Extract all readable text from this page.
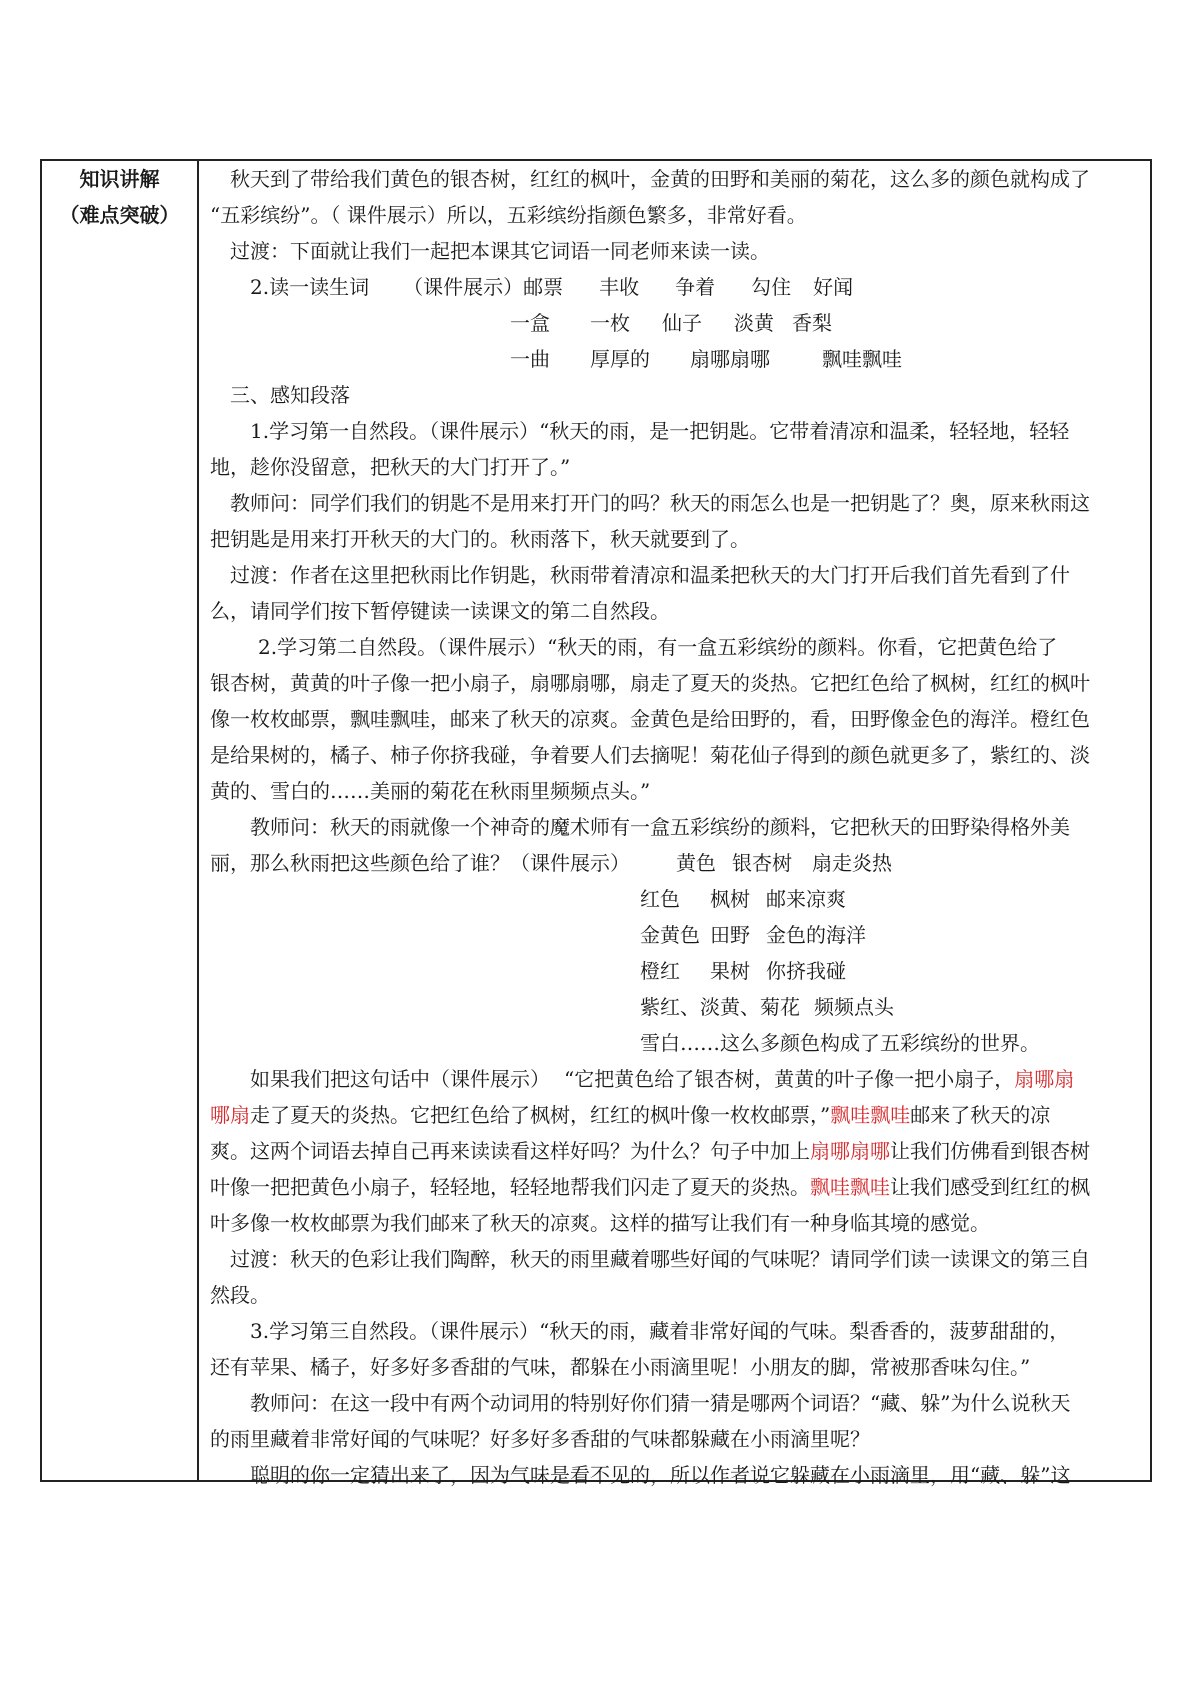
知识讲解
（难点突破）
秋天到了带给我们黄色的银杏树，红红的枫叶，金黄的田野和美丽的菊花，这么多的颜色就构成了
“五彩缤纷”。（ 课件展示）所以，五彩缤纷指颜色繁多，非常好看。
过渡：下面就让我们一起把本课其它词语一同老师来读一读。
2.读一读生词 （课件展示）邮票 丰收 争着 勾住 好闻
一盒 一枚 仙子 淡黄 香梨
一曲 厚厚的 扇哪扇哪	飘哇飘哇
三、感知段落
1.学习第一自然段。（课件展示）“秋天的雨，是一把钥匙。它带着清凉和温柔，轻轻地，轻轻
地，趁你没留意，把秋天的大门打开了。”
教师问：同学们我们的钥匙不是用来打开门的吗？秋天的雨怎么也是一把钥匙了？奥，原来秋雨这
把钥匙是用来打开秋天的大门的。秋雨落下，秋天就要到了。
过渡：作者在这里把秋雨比作钥匙，秋雨带着清凉和温柔把秋天的大门打开后我们首先看到了什
么，请同学们按下暂停键读一读课文的第二自然段。
2.学习第二自然段。（课件展示）“秋天的雨，有一盒五彩缤纷的颜料。你看，它把黄色给了
银杏树，黄黄的叶子像一把小扇子，扇哪扇哪，扇走了夏天的炎热。它把红色给了枫树，红红的枫叶
像一枚枚邮票，飘哇飘哇，邮来了秋天的凉爽。金黄色是给田野的，看，田野像金色的海洋。橙红色
是给果树的，橘子、柿子你挤我碰，争着要人们去摘呢！菊花仙子得到的颜色就更多了，紫红的、淡
黄的、雪白的……美丽的菊花在秋雨里频频点头。”
教师问：秋天的雨就像一个神奇的魔术师有一盒五彩缤纷的颜料，它把秋天的田野染得格外美
丽，那么秋雨把这些颜色给了谁？（课件展示） 黄色 银杏树 扇走炎热
红色 枫树 邮来凉爽
金黄色 田野 金色的海洋
橙红 果树 你挤我碰
紫红、淡黄、菊花 频频点头
雪白……这么多颜色构成了五彩缤纷的世界。
如果我们把这句话中（课件展示） “它把黄色给了银杏树，黄黄的叶子像一把小扇子，扇哪扇
哪扇走了夏天的炎热。它把红色给了枫树，红红的枫叶像一枚枚邮票，”飘哇飘哇邮来了秋天的凉
爽。这两个词语去掉自己再来读读看这样好吗？为什么？句子中加上扇哪扇哪让我们仿佛看到银杏树
叶像一把把黄色小扇子，轻轻地，轻轻地帮我们闪走了夏天的炎热。飘哇飘哇让我们感受到红红的枫
叶多像一枚枚邮票为我们邮来了秋天的凉爽。这样的描写让我们有一种身临其境的感觉。
过渡：秋天的色彩让我们陶醉，秋天的雨里藏着哪些好闻的气味呢？请同学们读一读课文的第三自
然段。
3.学习第三自然段。（课件展示）“秋天的雨，藏着非常好闻的气味。梨香香的，菠萝甜甜的，
还有苹果、橘子，好多好多香甜的气味，都躲在小雨滴里呢！小朋友的脚，常被那香味勾住。”
教师问：在这一段中有两个动词用的特别好你们猜一猜是哪两个词语？“藏、躲”为什么说秋天
的雨里藏着非常好闻的气味呢？好多好多香甜的气味都躲藏在小雨滴里呢？
聪明的你一定猜出来了，因为气味是看不见的，所以作者说它躲藏在小雨滴里，用“藏、躲”这
